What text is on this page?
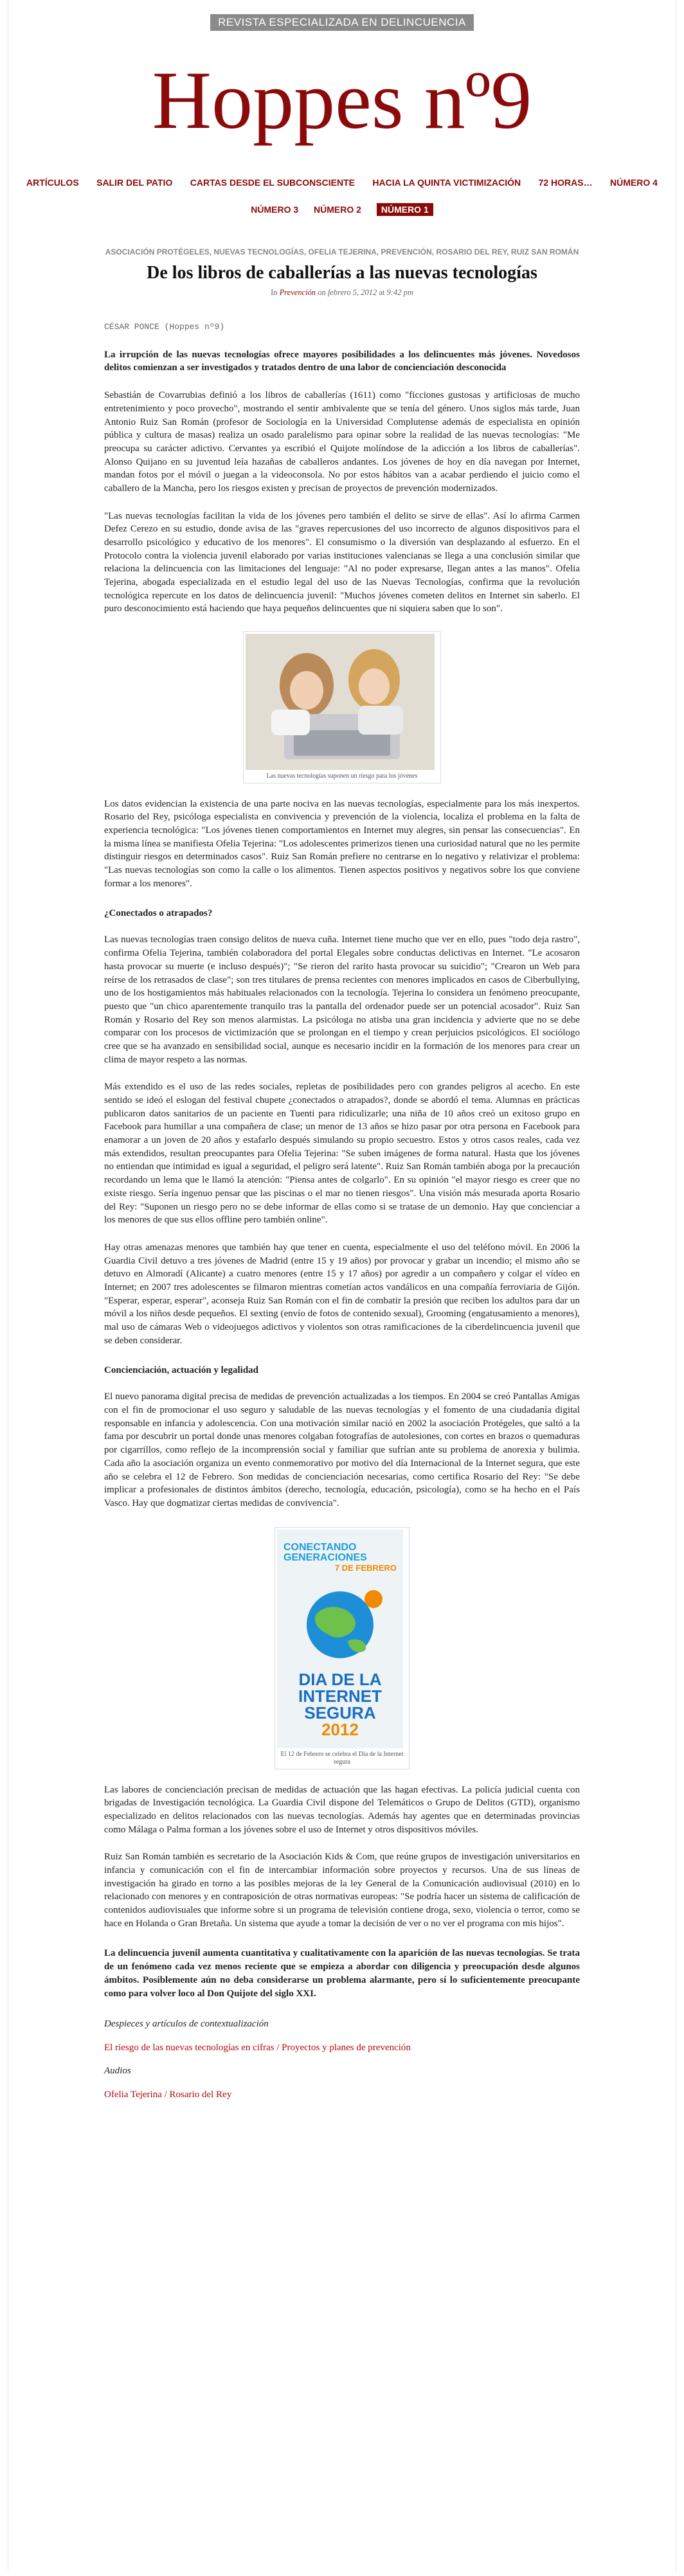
REVISTA ESPECIALIZADA EN DELINCUENCIA
Hoppes nº9
ARTÍCULOS SALIR DEL PATIO CARTAS DESDE EL SUBCONSCIENTE HACIA LA QUINTA VICTIMIZACIÓN 72 HORAS… NÚMERO 4
NÚMERO 3 NÚMERO 2 NÚMERO 1
ASOCIACIÓN PROTÉGELES, NUEVAS TECNOLOGÍAS, OFELIA TEJERINA, PREVENCIÓN, ROSARIO DEL REY, RUIZ SAN ROMÁN
De los libros de caballerías a las nuevas tecnologías
In Prevención on febrero 5, 2012 at 9:42 pm
CÉSAR PONCE (Hoppes nº9)

La irrupción de las nuevas tecnologías ofrece mayores posibilidades a los delincuentes más jóvenes. Novedosos delitos comienzan a ser investigados y tratados dentro de una labor de concienciación desconocida

Sebastián de Covarrubias definió a los libros de caballerías (1611) como "ficciones gustosas y artificiosas de mucho entretenimiento y poco provecho", mostrando el sentir ambivalente que se tenía del género. Unos siglos más tarde, Juan Antonio Ruiz San Román (profesor de Sociología en la Universidad Complutense además de especialista en opinión pública y cultura de masas) realiza un osado paralelismo para opinar sobre la realidad de las nuevas tecnologías: "Me preocupa su carácter adictivo. Cervantes ya escribió el Quijote molíndose de la adicción a los libros de caballerías". Alonso Quijano en su juventud leía hazañas de caballeros andantes. Los jóvenes de hoy en día navegan por Internet, mandan fotos por el móvil o juegan a la videoconsola. No por estos hábitos van a acabar perdiendo el juicio como el caballero de la Mancha, pero los riesgos existen y precisan de proyectos de prevención modernizados.

"Las nuevas tecnologías facilitan la vida de los jóvenes pero también el delito se sirve de ellas". Así lo afirma Carmen Defez Cerezo en su estudio, donde avisa de las "graves repercusiones del uso incorrecto de algunos dispositivos para el desarrollo psicológico y educativo de los menores". El consumismo o la diversión van desplazando al esfuerzo. En el Protocolo contra la violencia juvenil elaborado por varias instituciones valencianas se llega a una conclusión similar que relaciona la delincuencia con las limitaciones del lenguaje: "Al no poder expresarse, llegan antes a las manos". Ofelia Tejerina, abogada especializada en el estudio legal del uso de las Nuevas Tecnologías, confirma que la revolución tecnológica repercute en los datos de delincuencia juvenil: "Muchos jóvenes cometen delitos en Internet sin saberlo. El puro desconocimiento está haciendo que haya pequeños delincuentes que ni siquiera saben que lo son".

Las nuevas tecnologías suponen un riesgo para los jóvenes

Los datos evidencian la existencia de una parte nociva en las nuevas tecnologías, especialmente para los más inexpertos. Rosario del Rey, psicóloga especialista en convivencia y prevención de la violencia, localiza el problema en la falta de experiencia tecnológica: "Los jóvenes tienen comportamientos en Internet muy alegres, sin pensar las consecuencias". En la misma línea se manifiesta Ofelia Tejerina: "Los adolescentes primerizos tienen una curiosidad natural que no les permite distinguir riesgos en determinados casos". Ruiz San Román prefiere no centrarse en lo negativo y relativizar el problema: "Las nuevas tecnologías son como la calle o los alimentos. Tienen aspectos positivos y negativos sobre los que conviene formar a los menores".

¿Conectados o atrapados?

Las nuevas tecnologías traen consigo delitos de nueva cuña. Internet tiene mucho que ver en ello, pues "todo deja rastro", confirma Ofelia Tejerina, también colaboradora del portal Elegales sobre conductas delictivas en Internet. "Le acosaron hasta provocar su muerte (e incluso después)"; "Se rieron del rarito hasta provocar su suicidio"; "Crearon un Web para reírse de los retrasados de clase"; son tres titulares de prensa recientes con menores implicados en casos de Ciberbullying, uno de los hostigamientos más habituales relacionados con la tecnología. Tejerina lo considera un fenómeno preocupante, puesto que "un chico aparentemente tranquilo tras la pantalla del ordenador puede ser un potencial acosador". Ruiz San Román y Rosario del Rey son menos alarmistas. La psicóloga no atisba una gran incidencia y advierte que no se debe comparar con los procesos de victimización que se prolongan en el tiempo y crean perjuicios psicológicos. El sociólogo cree que se ha avanzado en sensibilidad social, aunque es necesario incidir en la formación de los menores para crear un clima de mayor respeto a las normas.

Más extendido es el uso de las redes sociales, repletas de posibilidades pero con grandes peligros al acecho. En este sentido se ideó el eslogan del festival chupete ¿conectados o atrapados?, donde se abordó el tema. Alumnas en prácticas publicaron datos sanitarios de un paciente en Tuenti para ridiculizarle; una niña de 10 años creó un exitoso grupo en Facebook para humillar a una compañera de clase; un menor de 13 años se hizo pasar por otra persona en Facebook para enamorar a un joven de 20 años y estafarlo después simulando su propio secuestro. Estos y otros casos reales, cada vez más extendidos, resultan preocupantes para Ofelia Tejerina: "Se suben imágenes de forma natural. Hasta que los jóvenes no entiendan que intimidad es igual a seguridad, el peligro será latente". Ruiz San Román también aboga por la precaución recordando un lema que le llamó la atención: "Piensa antes de colgarlo". En su opinión "el mayor riesgo es creer que no existe riesgo. Sería ingenuo pensar que las piscinas o el mar no tienen riesgos". Una visión más mesurada aporta Rosario del Rey: "Suponen un riesgo pero no se debe informar de ellas como si se tratase de un demonio. Hay que concienciar a los menores de que sus ellos offline pero también online".

Hay otras amenazas menores que también hay que tener en cuenta, especialmente el uso del teléfono móvil. En 2006 la Guardia Civil detuvo a tres jóvenes de Madrid (entre 15 y 19 años) por provocar y grabar un incendio; el mismo año se detuvo en Almoradí (Alicante) a cuatro menores (entre 15 y 17 años) por agredir a un compañero y colgar el vídeo en Internet; en 2007 tres adolescentes se filmaron mientras cometían actos vandálicos en una compañía ferroviaria de Gijón. "Esperar, esperar, esperar", aconseja Ruiz San Román con el fin de combatir la presión que reciben los adultos para dar un móvil a los niños desde pequeños. El sexting (envío de fotos de contenido sexual), Grooming (engatusamiento a menores), mal uso de cámaras Web o videojuegos adictivos y violentos son otras ramificaciones de la ciberdelincuencia juvenil que se deben considerar.

Concienciación, actuación y legalidad

El nuevo panorama digital precisa de medidas de prevención actualizadas a los tiempos. En 2004 se creó Pantallas Amigas con el fin de promocionar el uso seguro y saludable de las nuevas tecnologías y el fomento de una ciudadanía digital responsable en infancia y adolescencia. Con una motivación similar nació en 2002 la asociación Protégeles, que saltó a la fama por descubrir un portal donde unas menores colgaban fotografías de autolesiones, con cortes en brazos o quemaduras por cigarrillos, como reflejo de la incomprensión social y familiar que sufrían ante su problema de anorexia y bulimia. Cada año la asociación organiza un evento conmemorativo por motivo del día Internacional de la Internet segura, que este año se celebra el 12 de Febrero. Son medidas de concienciación necesarias, como certifica Rosario del Rey: "Se debe implicar a profesionales de distintos ámbitos (derecho, tecnología, educación, psicología), como se ha hecho en el País Vasco. Hay que dogmatizar ciertas medidas de convivencia".

CONECTANDO GENERACIONES
7 DE FEBRERO
DIA DE LA INTERNET SEGURA
2012
El 12 de Febrero se celebra el Día de la Internet segura

Las labores de concienciación precisan de medidas de actuación que las hagan efectivas. La policía judicial cuenta con brigadas de Investigación tecnológica. La Guardia Civil dispone del Telemáticos o Grupo de Delitos (GTD), organismo especializado en delitos relacionados con las nuevas tecnologías. Además hay agentes que en determinadas provincias como Málaga o Palma forman a los jóvenes sobre el uso de Internet y otros dispositivos móviles.

Ruiz San Román también es secretario de la Asociación Kids & Com, que reúne grupos de investigación universitarios en infancia y comunicación con el fin de intercambiar información sobre proyectos y recursos. Una de sus líneas de investigación ha girado en torno a las posibles mejoras de la ley General de la Comunicación audiovisual (2010) en lo relacionado con menores y en contraposición de otras normativas europeas: "Se podría hacer un sistema de calificación de contenidos audiovisuales que informe sobre si un programa de televisión contiene droga, sexo, violencia o terror, como se hace en Holanda o Gran Bretaña. Un sistema que ayude a tomar la decisión de ver o no ver el programa con mis hijos".

La delincuencia juvenil aumenta cuantitativa y cualitativamente con la aparición de las nuevas tecnologías. Se trata de un fenómeno cada vez menos reciente que se empieza a abordar con diligencia y preocupación desde algunos ámbitos. Posiblemente aún no deba considerarse un problema alarmante, pero sí lo suficientemente preocupante como para volver loco al Don Quijote del siglo XXI.

Despieces y artículos de contextualización
El riesgo de las nuevas tecnologías en cifras / Proyectos y planes de prevención
Audios
Ofelia Tejerina / Rosario del Rey
